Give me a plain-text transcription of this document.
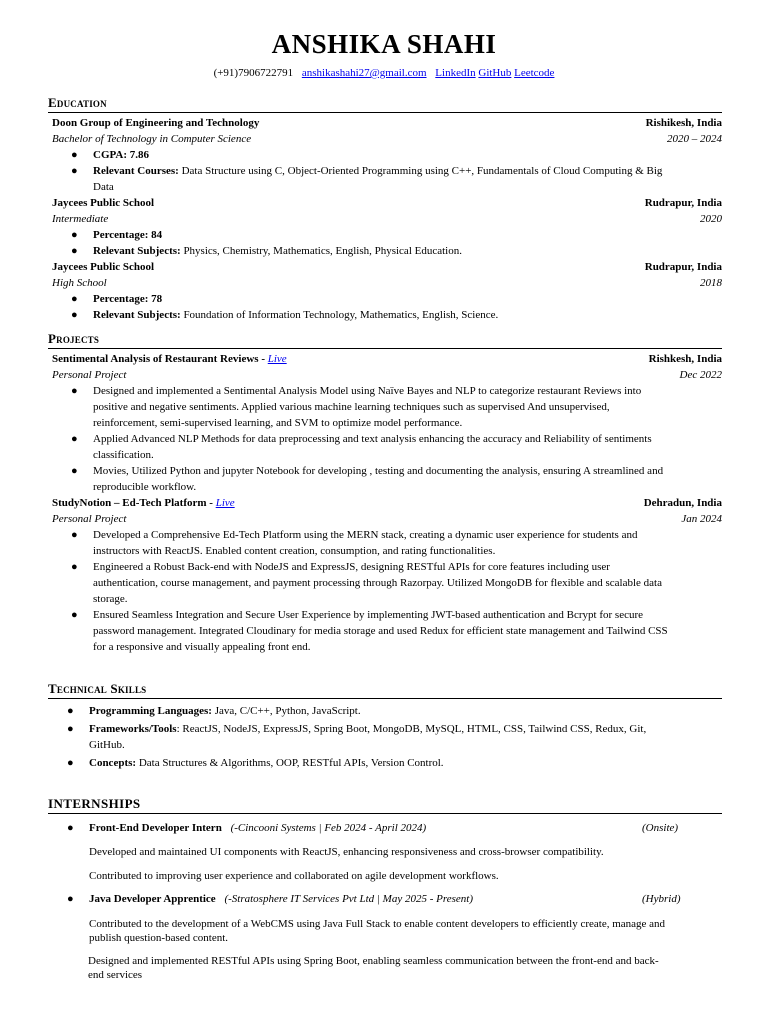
ANSHIKA SHAHI
(+91)7906722791 anshikashahi27@gmail.com LinkedIn GitHub Leetcode
Education
Doon Group of Engineering and Technology	Rishikesh, India
Bachelor of Technology in Computer Science	2020 – 2024
● CGPA: 7.86
● Relevant Courses: Data Structure using C, Object-Oriented Programming using C++, Fundamentals of Cloud Computing & Big Data
Jaycees Public School	Rudrapur, India
Intermediate	2020
● Percentage: 84
● Relevant Subjects: Physics, Chemistry, Mathematics, English, Physical Education.
Jaycees Public School	Rudrapur, India
High School	2018
● Percentage: 78
● Relevant Subjects: Foundation of Information Technology, Mathematics, English, Science.
Projects
Sentimental Analysis of Restaurant Reviews - Live	Rishkesh, India
Personal Project	Dec 2022
● Designed and implemented a Sentimental Analysis Model using Naïve Bayes and NLP to categorize restaurant Reviews into positive and negative sentiments. Applied various machine learning techniques such as supervised And unsupervised, reinforcement, semi-supervised learning, and SVM to optimize model performance.
● Applied Advanced NLP Methods for data preprocessing and text analysis enhancing the accuracy and Reliability of sentiments classification.
● Movies, Utilized Python and jupyter Notebook for developing , testing and documenting the analysis, ensuring A streamlined and reproducible workflow.
StudyNotion – Ed-Tech Platform - Live	Dehradun, India
Personal Project	Jan 2024
● Developed a Comprehensive Ed-Tech Platform using the MERN stack, creating a dynamic user experience for students and instructors with ReactJS. Enabled content creation, consumption, and rating functionalities.
● Engineered a Robust Back-end with NodeJS and ExpressJS, designing RESTful APIs for core features including user authentication, course management, and payment processing through Razorpay. Utilized MongoDB for flexible and scalable data storage.
● Ensured Seamless Integration and Secure User Experience by implementing JWT-based authentication and Bcrypt for secure password management. Integrated Cloudinary for media storage and used Redux for efficient state management and Tailwind CSS for a responsive and visually appealing front end.
Technical Skills
● Programming Languages: Java, C/C++, Python, JavaScript.
● Frameworks/Tools: ReactJS, NodeJS, ExpressJS, Spring Boot, MongoDB, MySQL, HTML, CSS, Tailwind CSS, Redux, Git, GitHub.
● Concepts: Data Structures & Algorithms, OOP, RESTful APIs, Version Control.
INTERNSHIPS
● Front-End Developer Intern (-Cincooni Systems | Feb 2024 - April 2024)	(Onsite)
Developed and maintained UI components with ReactJS, enhancing responsiveness and cross-browser compatibility.
Contributed to improving user experience and collaborated on agile development workflows.
● Java Developer Apprentice (-Stratosphere IT Services Pvt Ltd | May 2025 - Present)	(Hybrid)
Contributed to the development of a WebCMS using Java Full Stack to enable content developers to efficiently create, manage and publish question-based content.
Designed and implemented RESTful APIs using Spring Boot, enabling seamless communication between the front-end and back-end services
